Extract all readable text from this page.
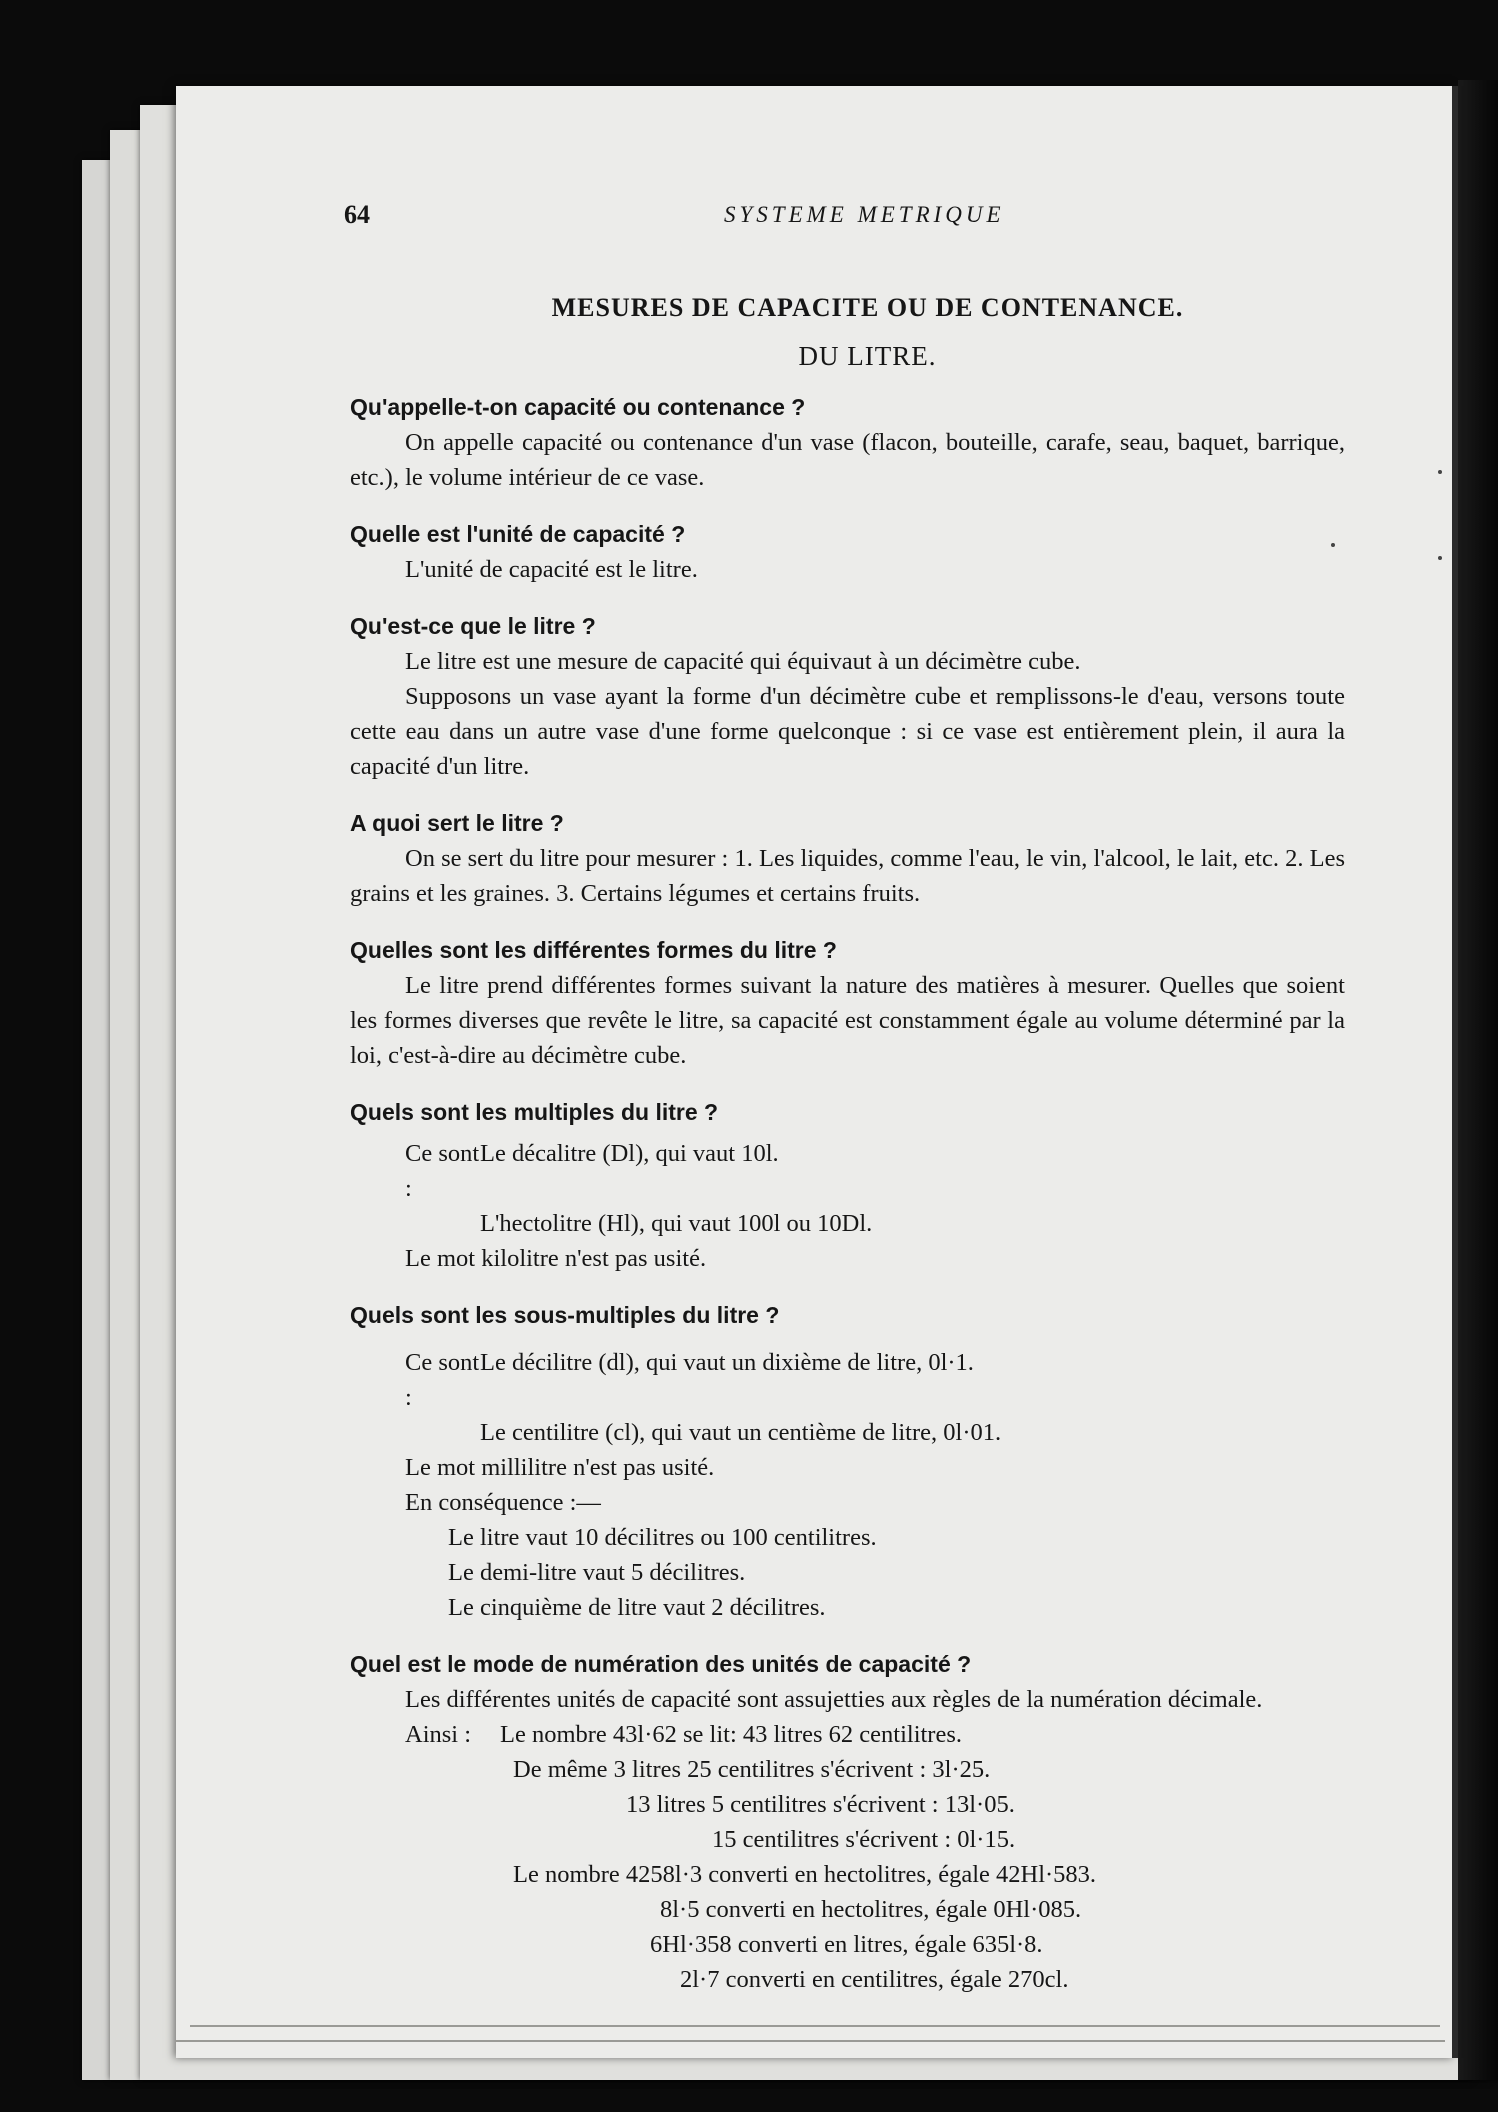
64	SYSTEME METRIQUE
MESURES DE CAPACITE OU DE CONTENANCE.
DU LITRE.
Qu'appelle-t-on capacité ou contenance ?

On appelle capacité ou contenance d'un vase (flacon, bouteille, carafe, seau, baquet, barrique, etc.), le volume intérieur de ce vase.

Quelle est l'unité de capacité ?

L'unité de capacité est le litre.

Qu'est-ce que le litre ?

Le litre est une mesure de capacité qui équivaut à un décimètre cube.

Supposons un vase ayant la forme d'un décimètre cube et remplissons-le d'eau, versons toute cette eau dans un autre vase d'une forme quelconque : si ce vase est entièrement plein, il aura la capacité d'un litre.

A quoi sert le litre ?

On se sert du litre pour mesurer : 1. Les liquides, comme l'eau, le vin, l'alcool, le lait, etc. 2. Les grains et les graines. 3. Certains légumes et certains fruits.

Quelles sont les différentes formes du litre ?

Le litre prend différentes formes suivant la nature des matières à mesurer. Quelles que soient les formes diverses que revête le litre, sa capacité est constamment égale au volume déterminé par la loi, c'est-à-dire au décimètre cube.

Quels sont les multiples du litre ?
Ce sont :
Le décalitre (Dl), qui vaut 10l.
L'hectolitre (Hl), qui vaut 100l ou 10Dl.
Le mot kilolitre n'est pas usité.
Quels sont les sous-multiples du litre ?
Ce sont :
Le décilitre (dl), qui vaut un dixième de litre, 0l·1.
Le centilitre (cl), qui vaut un centième de litre, 0l·01.
Le mot millilitre n'est pas usité.
En conséquence :—
Le litre vaut 10 décilitres ou 100 centilitres.
Le demi-litre vaut 5 décilitres.
Le cinquième de litre vaut 2 décilitres.
Quel est le mode de numération des unités de capacité ?

Les différentes unités de capacité sont assujetties aux règles de la numération décimale.

Ainsi :	Le nombre 43l·62 se lit: 43 litres 62 centilitres.
De même 3 litres 25 centilitres s'écrivent : 3l·25.
13 litres 5 centilitres s'écrivent : 13l·05.
15 centilitres s'écrivent : 0l·15.
Le nombre 4258l·3 converti en hectolitres, égale 42Hl·583.
8l·5 converti en hectolitres, égale 0Hl·085.
6Hl·358 converti en litres, égale 635l·8.
2l·7 converti en centilitres, égale 270cl.
